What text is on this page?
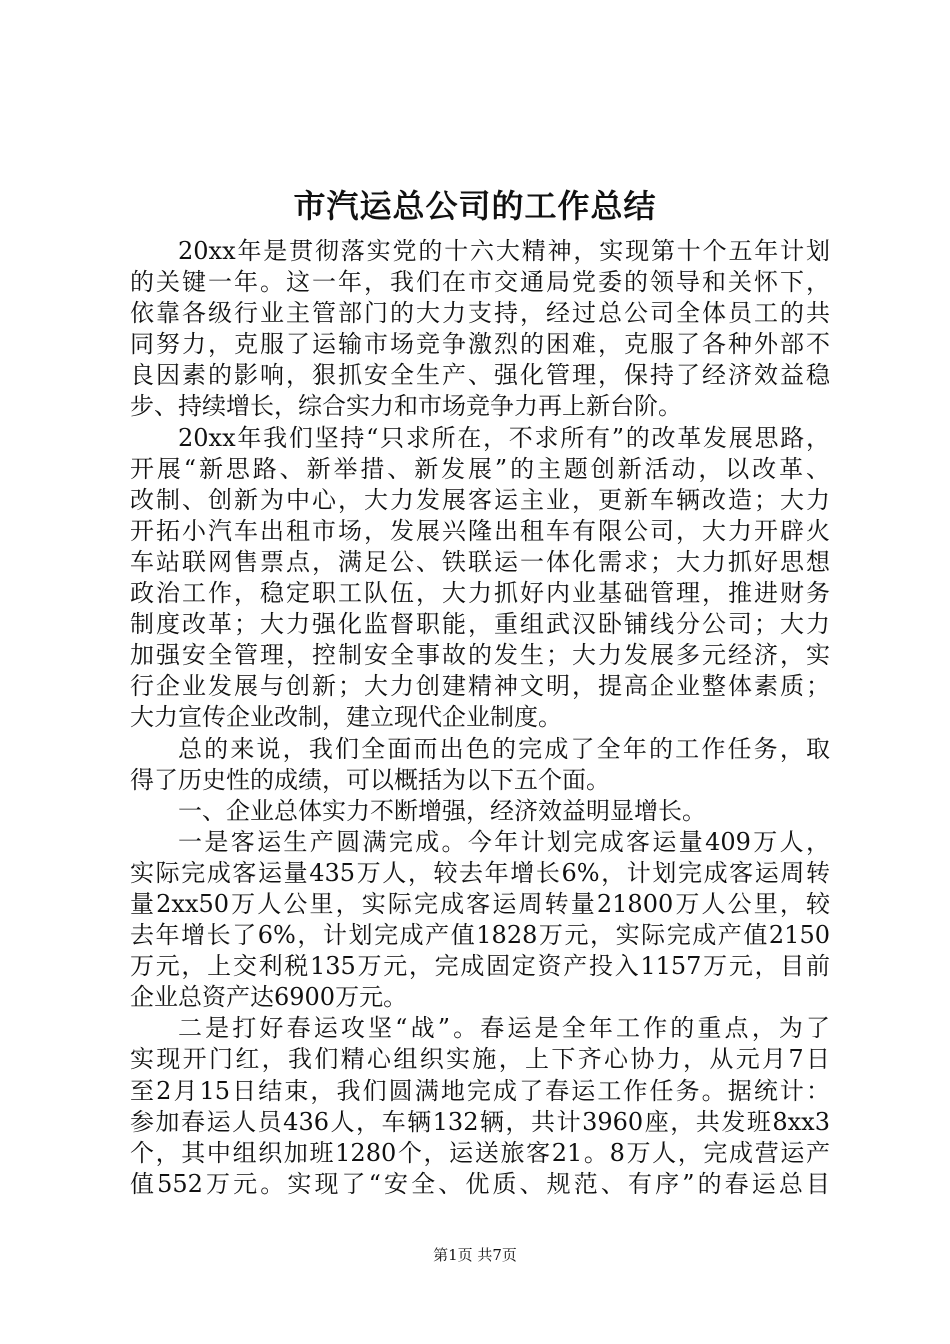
市汽运总公司的工作总结
20xx年是贯彻落实党的十六大精神，实现第十个五年计划
的关键一年。这一年，我们在市交通局党委的领导和关怀下，
依靠各级行业主管部门的大力支持，经过总公司全体员工的共
同努力，克服了运输市场竞争激烈的困难，克服了各种外部不
良因素的影响，狠抓安全生产、强化管理，保持了经济效益稳
步、持续增长，综合实力和市场竞争力再上新台阶。
20xx年我们坚持“只求所在，不求所有”的改革发展思路，
开展“新思路、新举措、新发展”的主题创新活动，以改革、
改制、创新为中心，大力发展客运主业，更新车辆改造；大力
开拓小汽车出租市场，发展兴隆出租车有限公司，大力开辟火
车站联网售票点，满足公、铁联运一体化需求；大力抓好思想
政治工作，稳定职工队伍，大力抓好内业基础管理，推进财务
制度改革；大力强化监督职能，重组武汉卧铺线分公司；大力
加强安全管理，控制安全事故的发生；大力发展多元经济，实
行企业发展与创新；大力创建精神文明，提高企业整体素质；
大力宣传企业改制，建立现代企业制度。
总的来说，我们全面而出色的完成了全年的工作任务，取
得了历史性的成绩，可以概括为以下五个面。
一、企业总体实力不断增强，经济效益明显增长。
一是客运生产圆满完成。今年计划完成客运量409万人，
实际完成客运量435万人，较去年增长6%，计划完成客运周转
量2xx50万人公里，实际完成客运周转量21800万人公里，较
去年增长了6%，计划完成产值1828万元，实际完成产值2150
万元，上交利税135万元，完成固定资产投入1157万元，目前
企业总资产达6900万元。
二是打好春运攻坚“战”。春运是全年工作的重点，为了
实现开门红，我们精心组织实施，上下齐心协力，从元月7日
至2月15日结束，我们圆满地完成了春运工作任务。据统计：
参加春运人员436人，车辆132辆，共计3960座，共发班8xx3
个，其中组织加班1280个，运送旅客21。8万人，完成营运产
值552万元。实现了“安全、优质、规范、有序”的春运总目
第1页 共7页
